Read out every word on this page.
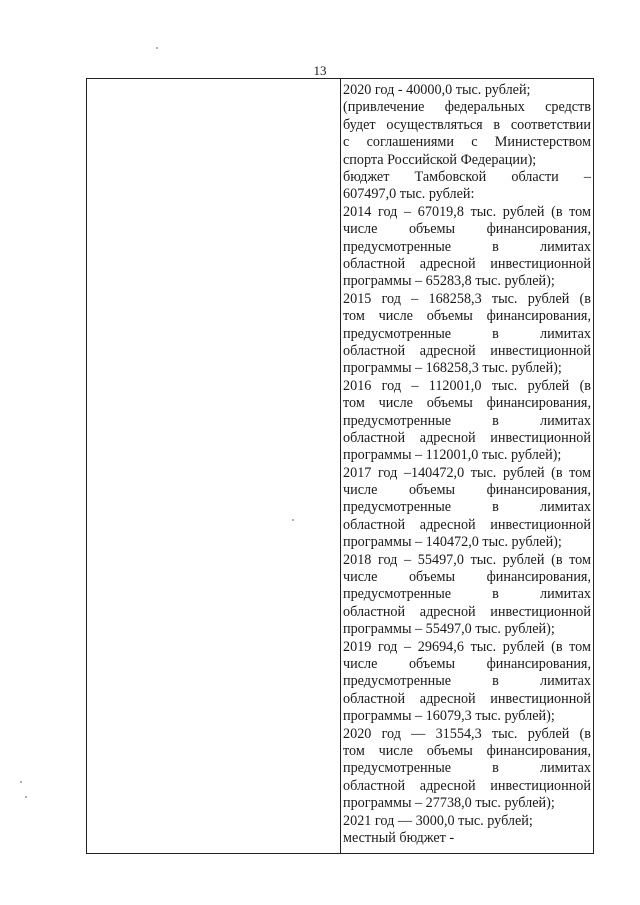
13
2020 год - 40000,0 тыс. рублей;
(привлечение федеральных средств
будет осуществляться в соответствии
с соглашениями с Министерством
спорта Российской Федерации);
бюджет Тамбовской области –
607497,0 тыс. рублей:
2014 год – 67019,8 тыс. рублей (в том
числе объемы финансирования,
предусмотренные в лимитах
областной адресной инвестиционной
программы – 65283,8 тыс. рублей);
2015 год – 168258,3 тыс. рублей (в
том числе объемы финансирования,
предусмотренные в лимитах
областной адресной инвестиционной
программы – 168258,3 тыс. рублей);
2016 год – 112001,0 тыс. рублей (в
том числе объемы финансирования,
предусмотренные в лимитах
областной адресной инвестиционной
программы – 112001,0 тыс. рублей);
2017 год –140472,0 тыс. рублей (в том
числе объемы финансирования,
предусмотренные в лимитах
областной адресной инвестиционной
программы – 140472,0 тыс. рублей);
2018 год – 55497,0 тыс. рублей (в том
числе объемы финансирования,
предусмотренные в лимитах
областной адресной инвестиционной
программы – 55497,0 тыс. рублей);
2019 год – 29694,6 тыс. рублей (в том
числе объемы финансирования,
предусмотренные в лимитах
областной адресной инвестиционной
программы – 16079,3 тыс. рублей);
2020 год — 31554,3 тыс. рублей (в
том числе объемы финансирования,
предусмотренные в лимитах
областной адресной инвестиционной
программы – 27738,0 тыс. рублей);
2021 год — 3000,0 тыс. рублей;
местный бюджет -
